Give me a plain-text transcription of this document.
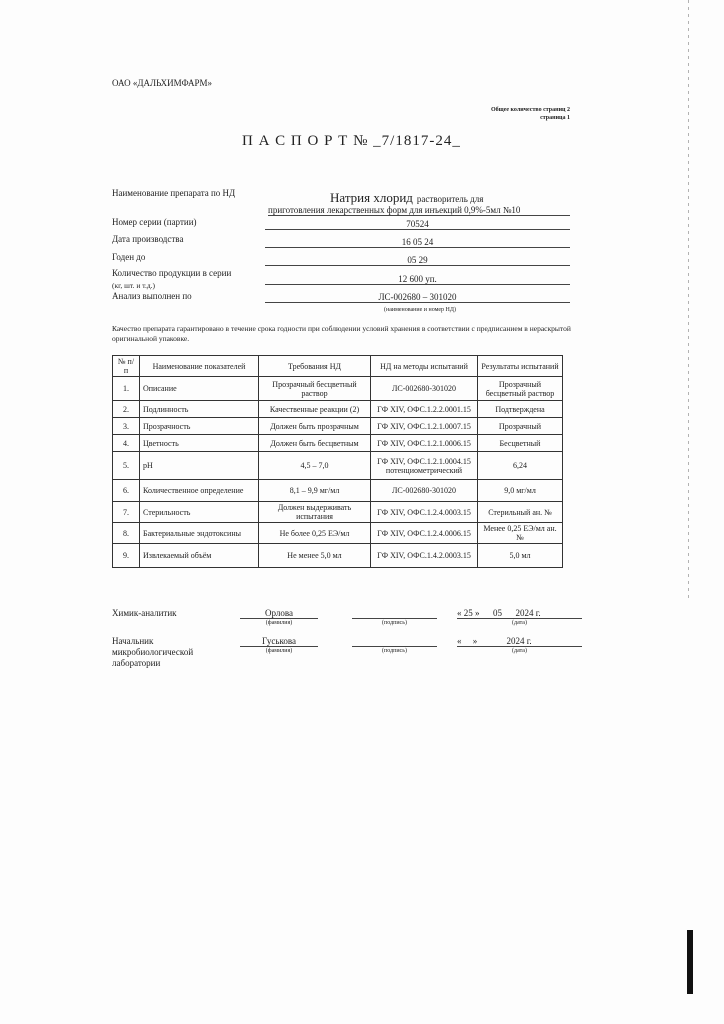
ОАО «ДАЛЬХИМФАРМ»
Общее количество страниц 2
страница 1
П А С П О Р Т № _7/1817-24_
Наименование препарата по НД	Натрия хлорид растворитель для
приготовления лекарственных форм для инъекций 0,9%-5мл №10
Номер серии (партии)	70524
Дата производства	16 05 24
Годен до	05 29
Количество продукции в серии
(кг, шт. и т.д.)
12 600 уп.
Анализ выполнен по	ЛС-002680 – 301020
(наименование и номер НД)
Качество препарата гарантировано в течение срока годности при соблюдении условий хранения в соответствии с предписанием в нераскрытой оригинальной упаковке.
№ п/п	Наименование показателей	Требования НД	НД на методы испытаний	Результаты испытаний
1.	Описание	Прозрачный бесцветный раствор	ЛС-002680-301020	Прозрачный бесцветный раствор
2.	Подлинность	Качественные реакции (2)	ГФ XIV, ОФС.1.2.2.0001.15	Подтверждена
3.	Прозрачность	Должен быть прозрачным	ГФ XIV, ОФС.1.2.1.0007.15	Прозрачный
4.	Цветность	Должен быть бесцветным	ГФ XIV, ОФС.1.2.1.0006.15	Бесцветный
5.	pH	4,5 – 7,0	ГФ XIV, ОФС.1.2.1.0004.15 потенциометрический	6,24
6.	Количественное определение	8,1 – 9,9 мг/мл	ЛС-002680-301020	9,0 мг/мл
7.	Стерильность	Должен выдерживать испытания	ГФ XIV, ОФС.1.2.4.0003.15	Стерильный ан. №
8.	Бактериальные эндотоксины	Не более 0,25 ЕЭ/мл	ГФ XIV, ОФС.1.2.4.0006.15	Менее 0,25 ЕЭ/мл ан. №
9.	Извлекаемый объём	Не менее 5,0 мл	ГФ XIV, ОФС.1.4.2.0003.15	5,0 мл
Химик-аналитик	Орлова
(фамилия)	(подпись)
« 25 »      05      2024 г.
(дата)
Начальник микробиологической лаборатории
Гуськова
(фамилия)	(подпись)
«     »             2024 г.
(дата)
